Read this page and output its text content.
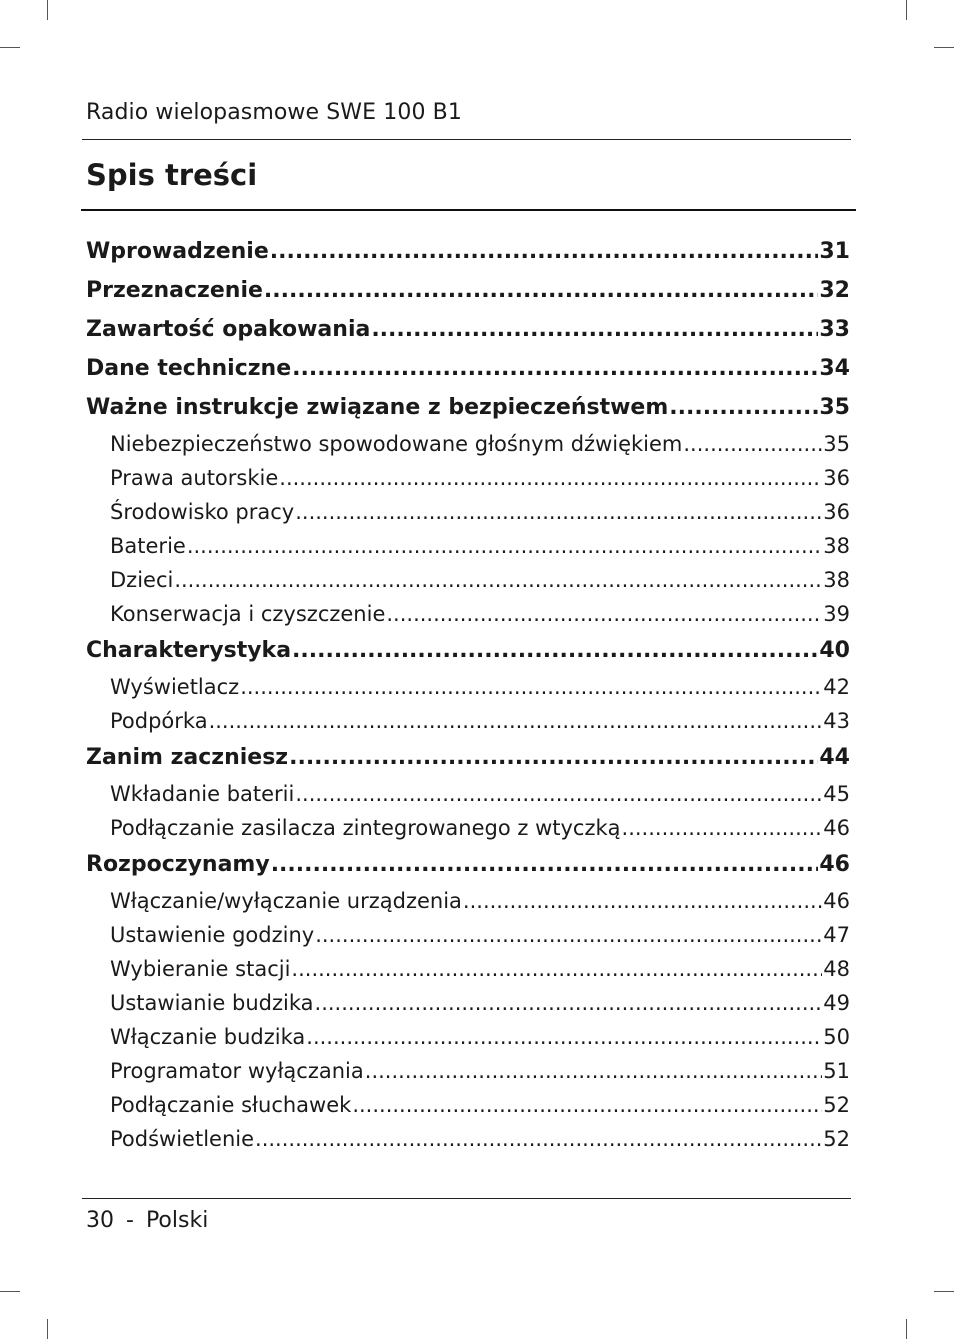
Radio wielopasmowe SWE 100 B1
Spis treści
Wprowadzenie .....	31
Przeznaczenie .....	32
Zawartość opakowania .....	33
Dane techniczne .....	34
Ważne instrukcje związane z bezpieczeństwem .....	35
Niebezpieczeństwo spowodowane głośnym dźwiękiem .....	35
Prawa autorskie .....	36
Środowisko pracy .....	36
Baterie .....	38
Dzieci .....	38
Konserwacja i czyszczenie .....	39
Charakterystyka .....	40
Wyświetlacz .....	42
Podpórka .....	43
Zanim zaczniesz .....	44
Wkładanie baterii .....	45
Podłączanie zasilacza zintegrowanego z wtyczką .....	46
Rozpoczynamy .....	46
Włączanie/wyłączanie urządzenia .....	46
Ustawienie godziny .....	47
Wybieranie stacji .....	48
Ustawianie budzika .....	49
Włączanie budzika .....	50
Programator wyłączania .....	51
Podłączanie słuchawek .....	52
Podświetlenie .....	52
30 - Polski
